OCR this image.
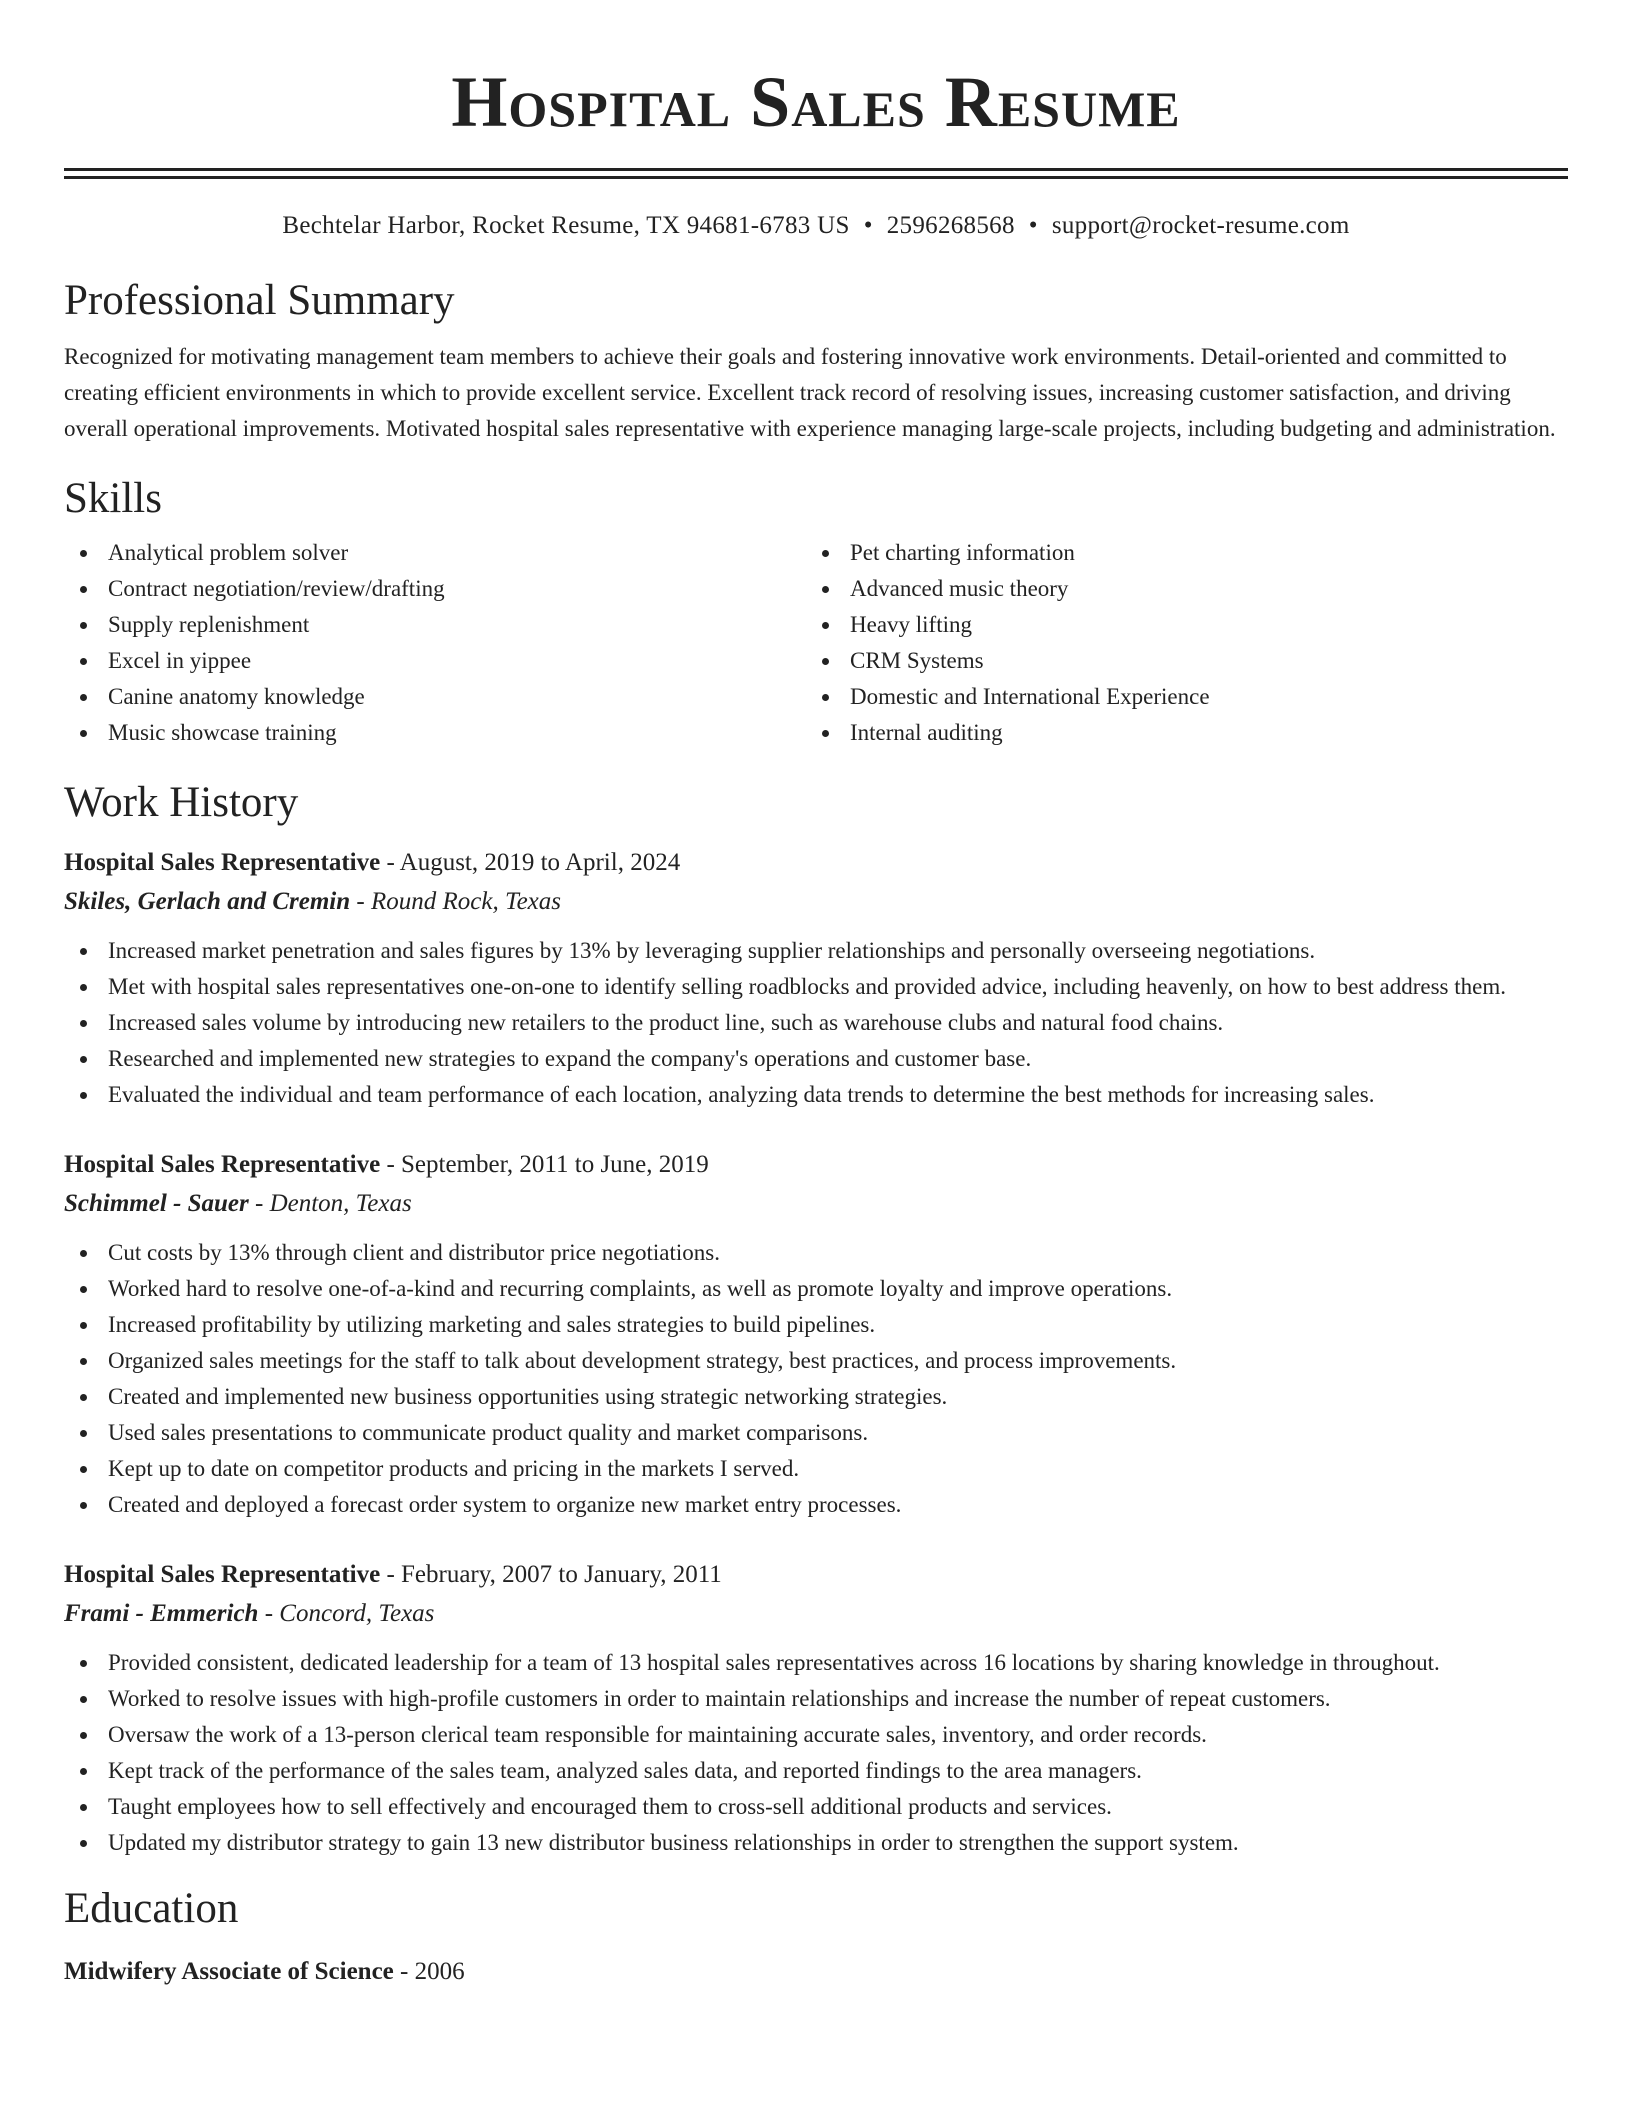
Hospital Sales Resume
Bechtelar Harbor, Rocket Resume, TX 94681-6783 US • 2596268568 • support@rocket-resume.com
Professional Summary
Recognized for motivating management team members to achieve their goals and fostering innovative work environments. Detail-oriented and committed to creating efficient environments in which to provide excellent service. Excellent track record of resolving issues, increasing customer satisfaction, and driving overall operational improvements. Motivated hospital sales representative with experience managing large-scale projects, including budgeting and administration.
Skills
Analytical problem solver
Contract negotiation/review/drafting
Supply replenishment
Excel in yippee
Canine anatomy knowledge
Music showcase training
Pet charting information
Advanced music theory
Heavy lifting
CRM Systems
Domestic and International Experience
Internal auditing
Work History
Hospital Sales Representative - August, 2019 to April, 2024
Skiles, Gerlach and Cremin - Round Rock, Texas
Increased market penetration and sales figures by 13% by leveraging supplier relationships and personally overseeing negotiations.
Met with hospital sales representatives one-on-one to identify selling roadblocks and provided advice, including heavenly, on how to best address them.
Increased sales volume by introducing new retailers to the product line, such as warehouse clubs and natural food chains.
Researched and implemented new strategies to expand the company's operations and customer base.
Evaluated the individual and team performance of each location, analyzing data trends to determine the best methods for increasing sales.
Hospital Sales Representative - September, 2011 to June, 2019
Schimmel - Sauer - Denton, Texas
Cut costs by 13% through client and distributor price negotiations.
Worked hard to resolve one-of-a-kind and recurring complaints, as well as promote loyalty and improve operations.
Increased profitability by utilizing marketing and sales strategies to build pipelines.
Organized sales meetings for the staff to talk about development strategy, best practices, and process improvements.
Created and implemented new business opportunities using strategic networking strategies.
Used sales presentations to communicate product quality and market comparisons.
Kept up to date on competitor products and pricing in the markets I served.
Created and deployed a forecast order system to organize new market entry processes.
Hospital Sales Representative - February, 2007 to January, 2011
Frami - Emmerich - Concord, Texas
Provided consistent, dedicated leadership for a team of 13 hospital sales representatives across 16 locations by sharing knowledge in throughout.
Worked to resolve issues with high-profile customers in order to maintain relationships and increase the number of repeat customers.
Oversaw the work of a 13-person clerical team responsible for maintaining accurate sales, inventory, and order records.
Kept track of the performance of the sales team, analyzed sales data, and reported findings to the area managers.
Taught employees how to sell effectively and encouraged them to cross-sell additional products and services.
Updated my distributor strategy to gain 13 new distributor business relationships in order to strengthen the support system.
Education
Midwifery Associate of Science - 2006
